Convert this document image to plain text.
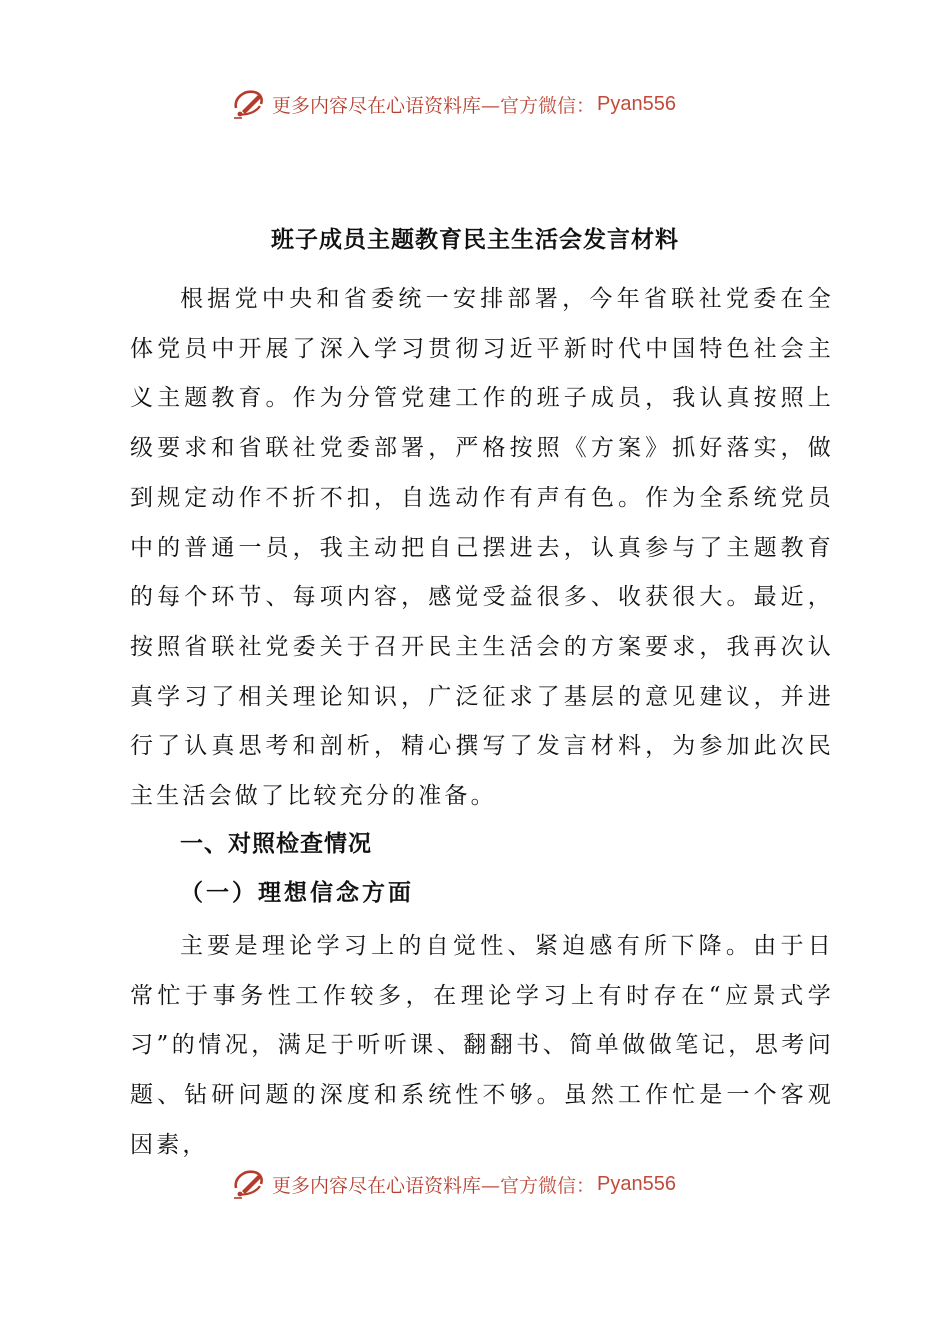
更多内容尽在心语资料库 —官方微信： Pyan556
班子成员主题教育民主生活会发言材料

根据党中央和省委统一安排部署，今年省联社党委在全体党员中开展了深入学习贯彻习近平新时代中国特色社会主义主题教育。作为分管党建工作的班子成员，我认真按照上级要求和省联社党委部署，严格按照《方案》抓好落实，做到规定动作不折不扣，自选动作有声有色。作为全系统党员中的普通一员，我主动把自己摆进去，认真参与了主题教育的每个环节、每项内容，感觉受益很多、收获很大。最近，按照省联社党委关于召开民主生活会的方案要求，我再次认真学习了相关理论知识，广泛征求了基层的意见建议，并进行了认真思考和剖析，精心撰写了发言材料，为参加此次民主生活会做了比较充分的准备。

一、对照检查情况
（一）理想信念方面

主要是理论学习上的自觉性、紧迫感有所下降。由于日常忙于事务性工作较多，在理论学习上有时存在“应景式学习”的情况，满足于听听课、翻翻书、简单做做笔记，思考问题、钻研问题的深度和系统性不够。虽然工作忙是一个客观因素，

更多内容尽在心语资料库 —官方微信： Pyan556
